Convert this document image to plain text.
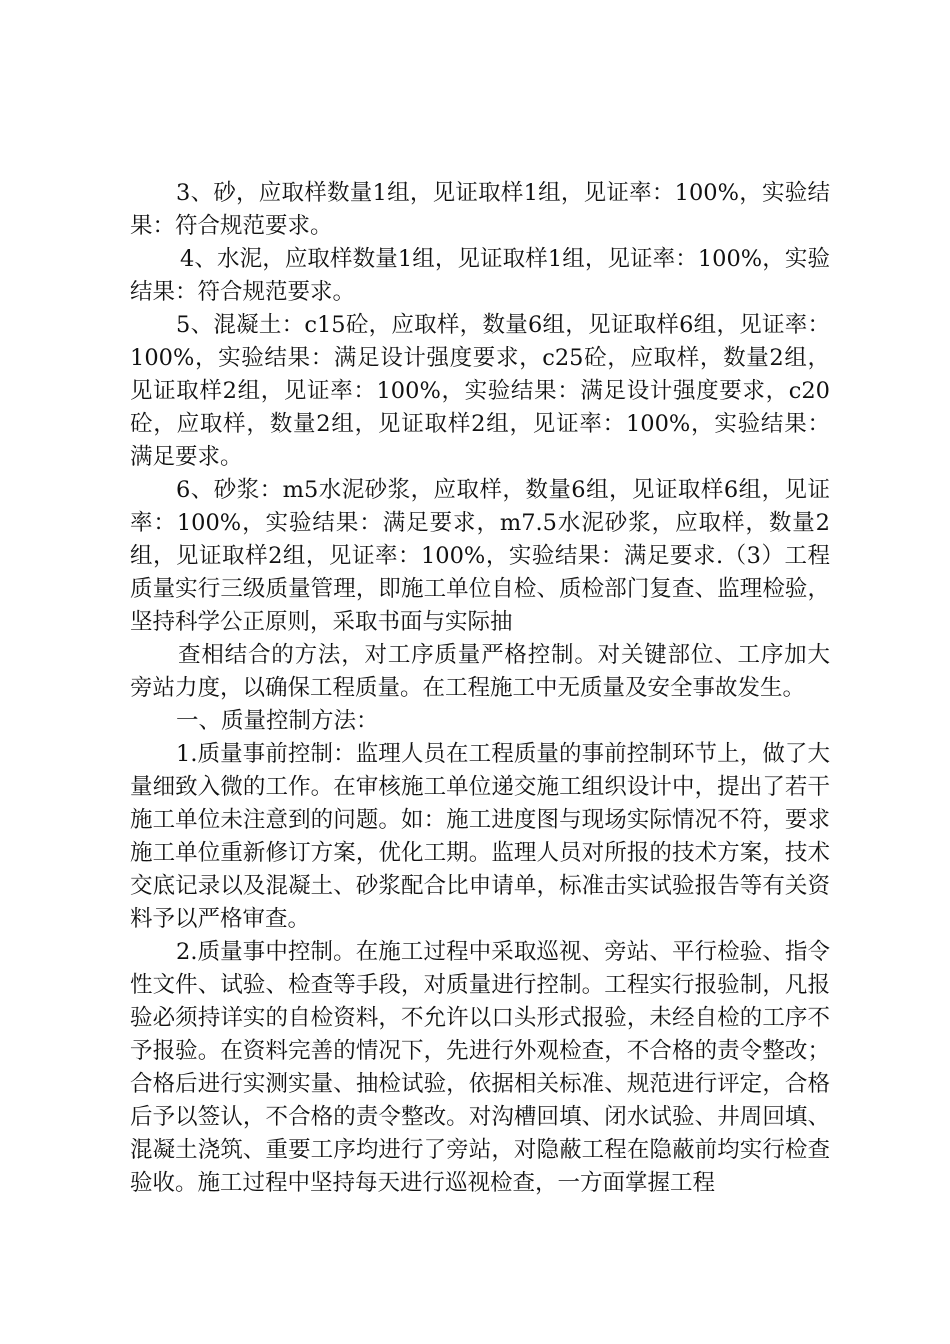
3、砂，应取样数量1组，见证取样1组，见证率：100%，实验结果：符合规范要求。

4、水泥，应取样数量1组，见证取样1组，见证率：100%，实验结果：符合规范要求。

5、混凝土：c15砼，应取样，数量6组，见证取样6组，见证率：100%，实验结果：满足设计强度要求，c25砼，应取样，数量2组，见证取样2组，见证率：100%，实验结果：满足设计强度要求，c20砼，应取样，数量2组，见证取样2组，见证率：100%，实验结果：满足要求。

6、砂浆：m5水泥砂浆，应取样，数量6组，见证取样6组，见证率：100%，实验结果：满足要求，m7.5水泥砂浆，应取样，数量2组，见证取样2组，见证率：100%，实验结果：满足要求.（3）工程质量实行三级质量管理，即施工单位自检、质检部门复查、监理检验，坚持科学公正原则，采取书面与实际抽

查相结合的方法，对工序质量严格控制。对关键部位、工序加大旁站力度，以确保工程质量。在工程施工中无质量及安全事故发生。

一、质量控制方法：

1.质量事前控制：监理人员在工程质量的事前控制环节上，做了大量细致入微的工作。在审核施工单位递交施工组织设计中，提出了若干施工单位未注意到的问题。如：施工进度图与现场实际情况不符，要求施工单位重新修订方案，优化工期。监理人员对所报的技术方案，技术交底记录以及混凝土、砂浆配合比申请单，标准击实试验报告等有关资料予以严格审查。

2.质量事中控制。在施工过程中采取巡视、旁站、平行检验、指令性文件、试验、检查等手段，对质量进行控制。工程实行报验制，凡报验必须持详实的自检资料，不允许以口头形式报验，未经自检的工序不予报验。在资料完善的情况下，先进行外观检查，不合格的责令整改；合格后进行实测实量、抽检试验，依据相关标准、规范进行评定，合格后予以签认，不合格的责令整改。对沟槽回填、闭水试验、井周回填、混凝土浇筑、重要工序均进行了旁站，对隐蔽工程在隐蔽前均实行检查验收。施工过程中坚持每天进行巡视检查，一方面掌握工程
